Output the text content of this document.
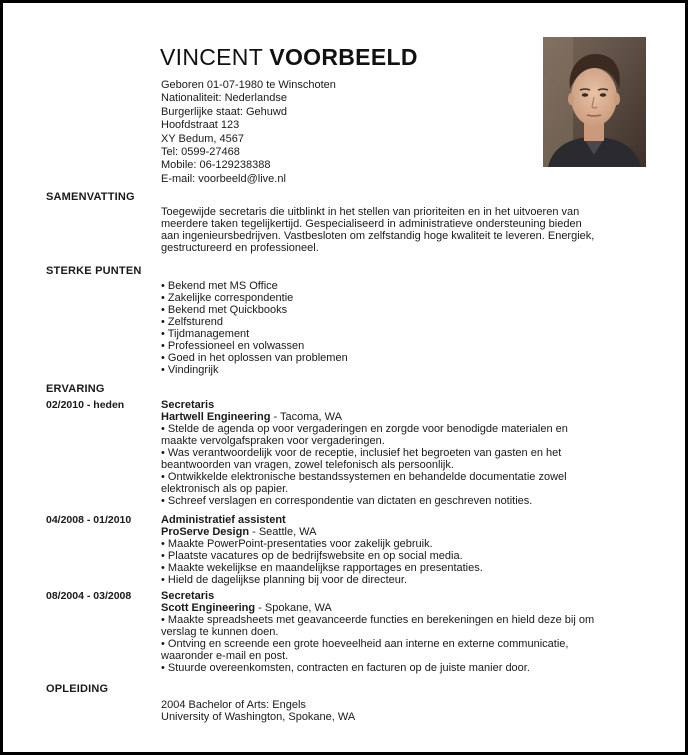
VINCENT VOORBEELD
Geboren 01-07-1980 te Winschoten
Nationaliteit: Nederlandse
Burgerlijke staat: Gehuwd
Hoofdstraat 123
XY Bedum, 4567
Tel: 0599-27468
Mobile: 06-129238388
E-mail: voorbeeld@live.nl
SAMENVATTING
Toegewijde secretaris die uitblinkt in het stellen van prioriteiten en in het uitvoeren van
meerdere taken tegelijkertijd. Gespecialiseerd in administratieve ondersteuning bieden
aan ingenieursbedrijven. Vastbesloten om zelfstandig hoge kwaliteit te leveren. Energiek,
gestructureerd en professioneel.
STERKE PUNTEN
• Bekend met MS Office
• Zakelijke correspondentie
• Bekend met Quickbooks
• Zelfsturend
• Tijdmanagement
• Professioneel en volwassen
• Goed in het oplossen van problemen
• Vindingrijk
ERVARING
02/2010 - heden	Secretaris
Hartwell Engineering - Tacoma, WA
• Stelde de agenda op voor vergaderingen en zorgde voor benodigde materialen en
maakte vervolgafspraken voor vergaderingen.
• Was verantwoordelijk voor de receptie, inclusief het begroeten van gasten en het
beantwoorden van vragen, zowel telefonisch als persoonlijk.
• Ontwikkelde elektronische bestandssystemen en behandelde documentatie zowel
elektronisch als op papier.
• Schreef verslagen en correspondentie van dictaten en geschreven notities.
04/2008 - 01/2010	Administratief assistent
ProServe Design - Seattle, WA
• Maakte PowerPoint-presentaties voor zakelijk gebruik.
• Plaatste vacatures op de bedrijfswebsite en op social media.
• Maakte wekelijkse en maandelijkse rapportages en presentaties.
• Hield de dagelijkse planning bij voor de directeur.
08/2004 - 03/2008	Secretaris
Scott Engineering - Spokane, WA
• Maakte spreadsheets met geavanceerde functies en berekeningen en hield deze bij om
verslag te kunnen doen.
• Ontving en screende een grote hoeveelheid aan interne en externe communicatie,
waaronder e-mail en post.
• Stuurde overeenkomsten, contracten en facturen op de juiste manier door.
OPLEIDING
2004 Bachelor of Arts: Engels
University of Washington, Spokane, WA
